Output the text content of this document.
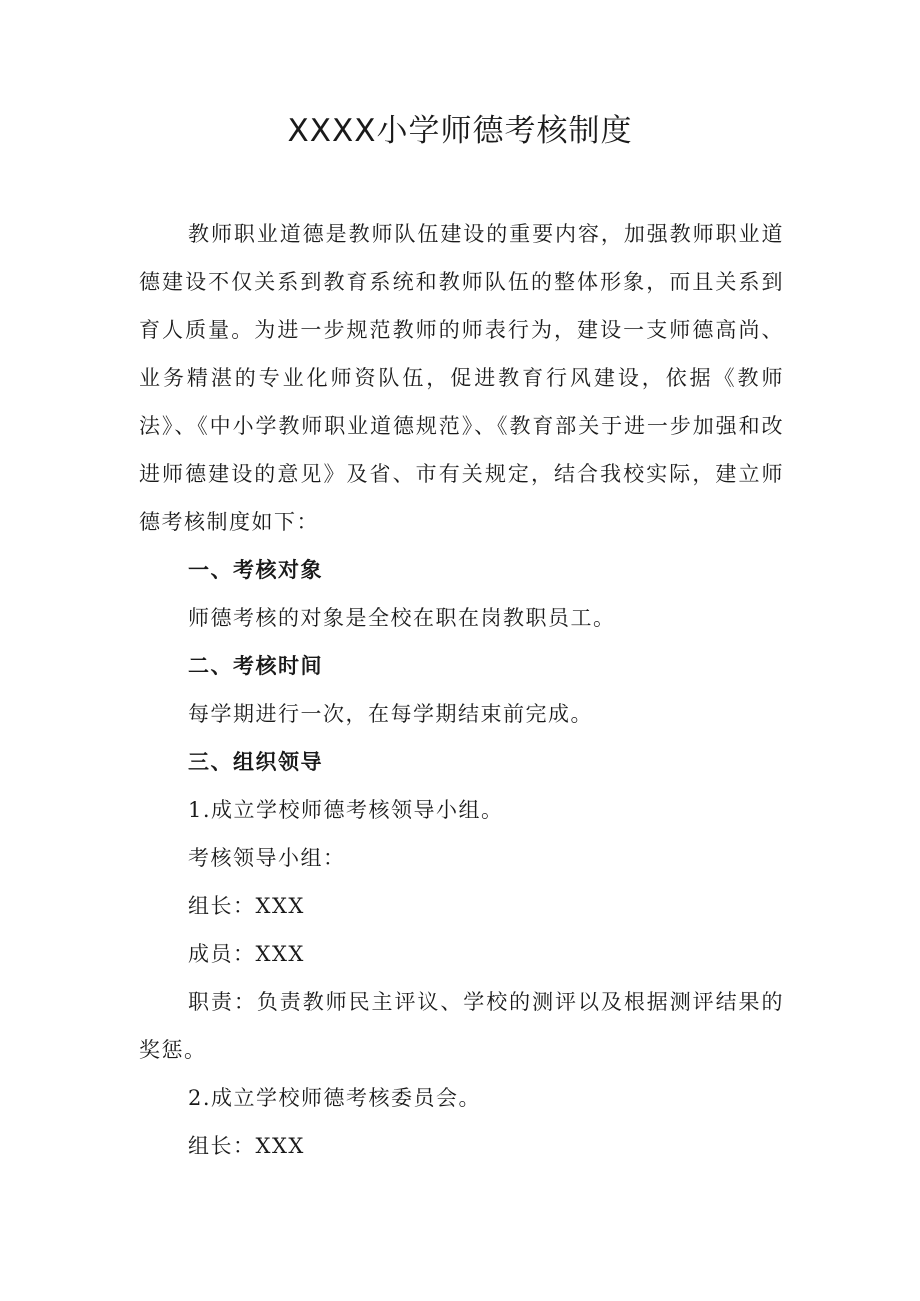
XXXX小学师德考核制度

教师职业道德是教师队伍建设的重要内容，加强教师职业道德建设不仅关系到教育系统和教师队伍的整体形象，而且关系到育人质量。为进一步规范教师的师表行为，建设一支师德高尚、业务精湛的专业化师资队伍，促进教育行风建设，依据《教师法》、《中小学教师职业道德规范》、《教育部关于进一步加强和改进师德建设的意见》及省、市有关规定，结合我校实际，建立师德考核制度如下：

一、考核对象

师德考核的对象是全校在职在岗教职员工。

二、考核时间

每学期进行一次，在每学期结束前完成。

三、组织领导

1.成立学校师德考核领导小组。

考核领导小组：

组长：XXX

成员：XXX

职责：负责教师民主评议、学校的测评以及根据测评结果的奖惩。

2.成立学校师德考核委员会。

组长：XXX
